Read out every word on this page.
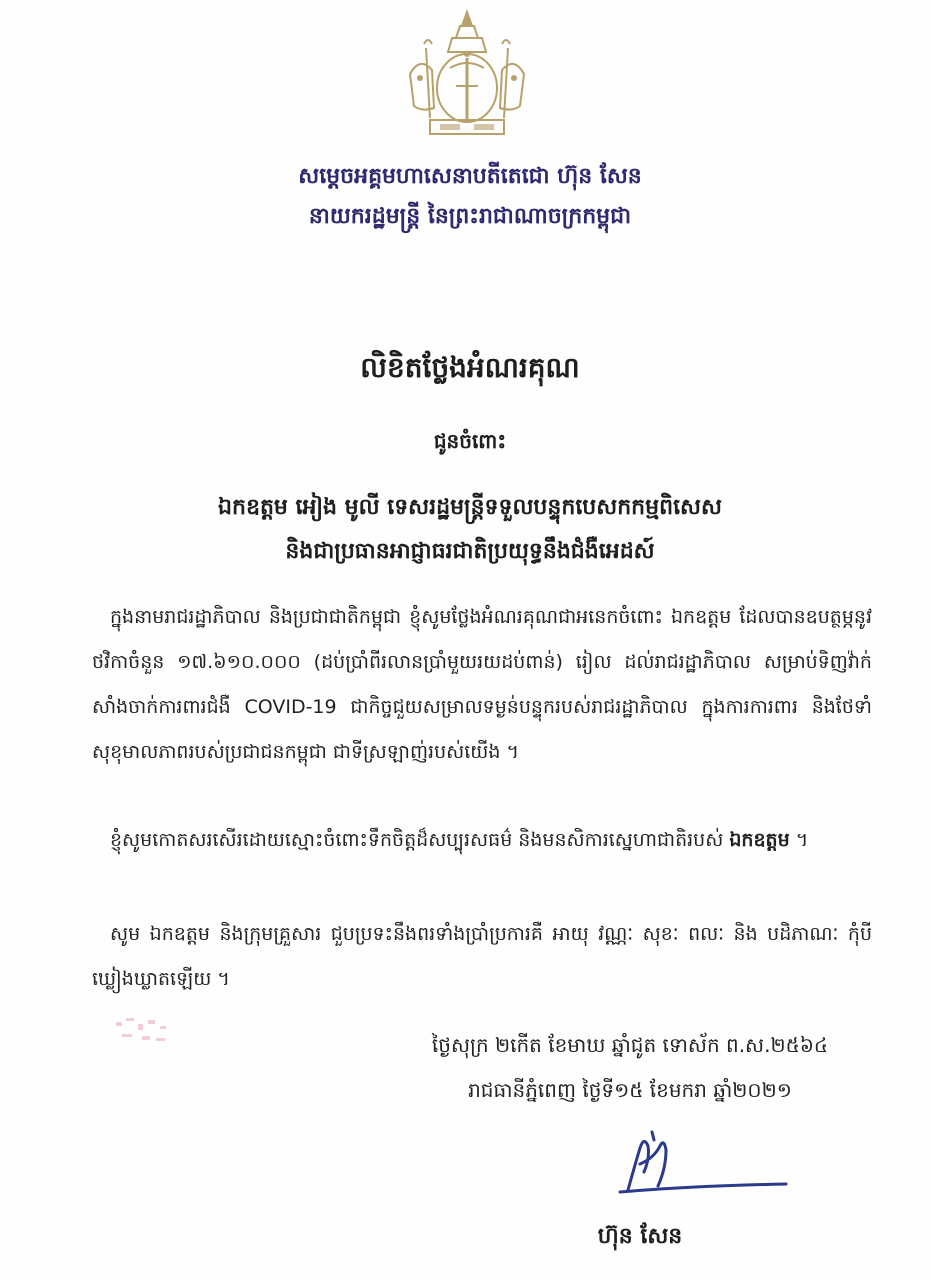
សម្ដេចអគ្គមហាសេនាបតីតេជោ ហ៊ុន សែន
នាយករដ្ឋមន្ត្រី នៃព្រះរាជាណាចក្រកម្ពុជា
លិខិតថ្លែងអំណរគុណ
ជូនចំពោះ
ឯកឧត្ដម អៀង មូលី ទេសរដ្ឋមន្ត្រីទទួលបន្ទុកបេសកកម្មពិសេស
និងជាប្រធានអាជ្ញាធរជាតិប្រយុទ្ធនឹងជំងឺអេដស៍
ក្នុងនាមរាជរដ្ឋាភិបាល និងប្រជាជាតិកម្ពុជា ខ្ញុំសូមថ្លែងអំណរគុណជាអនេកចំពោះ ឯកឧត្ដម ដែលបានឧបត្ថម្ភនូវថវិកាចំនួន ១៧.៦១០.០០០ (ដប់ប្រាំពីរលានប្រាំមួយរយដប់ពាន់) រៀល ដល់រាជរដ្ឋាភិបាល សម្រាប់ទិញវ៉ាក់សាំងចាក់ការពារជំងឺ COVID-19 ជាកិច្ចជួយសម្រាលទម្ងន់បន្ទុករបស់រាជរដ្ឋាភិបាល ក្នុងការការពារ និងថែទាំសុខុមាលភាពរបស់ប្រជាជនកម្ពុជា ជាទីស្រឡាញ់របស់យើង ។
ខ្ញុំសូមកោតសរសើរដោយស្មោះចំពោះទឹកចិត្តដ៏សប្បុរសធម៌ និងមនសិការស្នេហាជាតិរបស់ ឯកឧត្ដម ។
សូម ឯកឧត្ដម និងក្រុមគ្រួសារ ជួបប្រទះនឹងពរទាំងប្រាំប្រការគឺ អាយុ វណ្ណៈ សុខៈ ពលៈ និង បដិភាណៈ កុំបីឃ្លៀងឃ្លាតឡើយ ។
ថ្ងៃសុក្រ ២កើត ខែមាឃ ឆ្នាំជូត ទោស័ក ព.ស.២៥៦៤
រាជធានីភ្នំពេញ ថ្ងៃទី១៥ ខែមករា ឆ្នាំ២០២១
ហ៊ុន សែន
